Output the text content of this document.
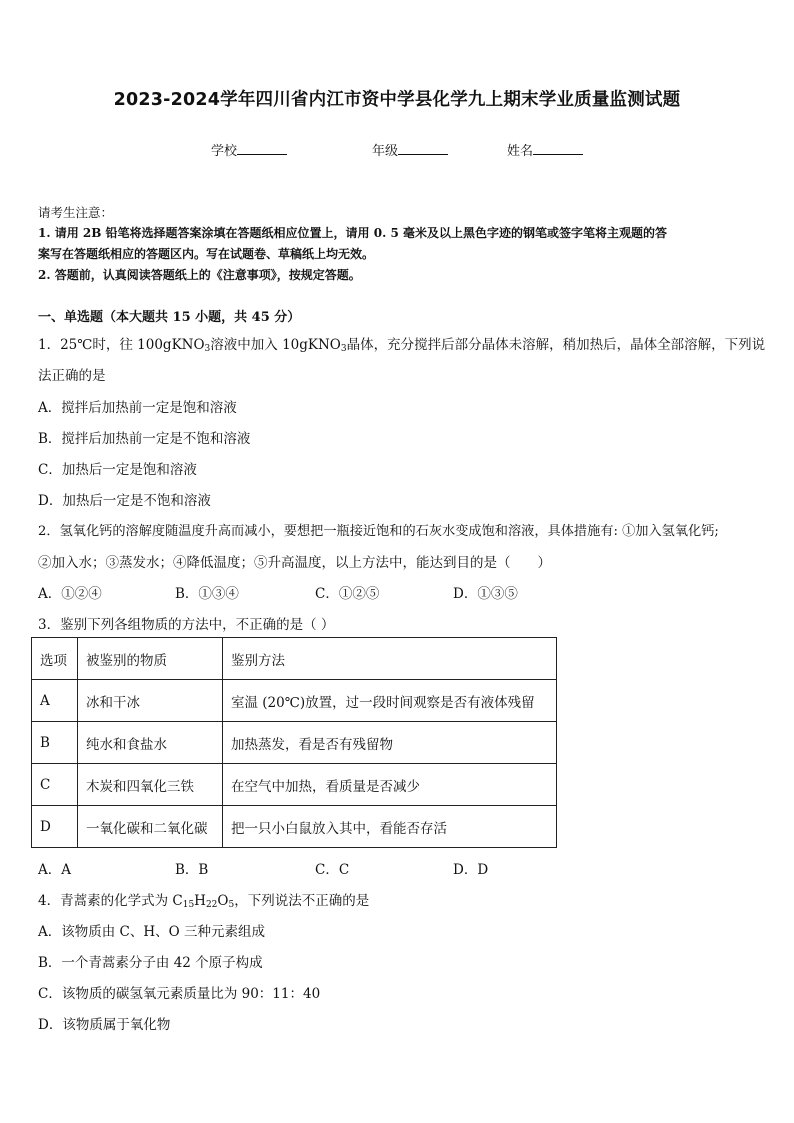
2023-2024学年四川省内江市资中学县化学九上期末学业质量监测试题
学校	年级	姓名
请考生注意：
1. 请用 2B 铅笔将选择题答案涂填在答题纸相应位置上，请用 0. 5 毫米及以上黑色字迹的钢笔或签字笔将主观题的答
案写在答题纸相应的答题区内。写在试题卷、草稿纸上均无效。
2. 答题前，认真阅读答题纸上的《注意事项》，按规定答题。
一、单选题（本大题共 15 小题，共 45 分）
1．25℃时，往 100gKNO$_3$溶液中加入 10gKNO$_3$晶体，充分搅拌后部分晶体未溶解，稍加热后，晶体全部溶解，下列说
法正确的是
A．搅拌后加热前一定是饱和溶液
B．搅拌后加热前一定是不饱和溶液
C．加热后一定是饱和溶液
D．加热后一定是不饱和溶液
2．氢氧化钙的溶解度随温度升高而减小，要想把一瓶接近饱和的石灰水变成饱和溶液，具体措施有: ①加入氢氧化钙;
②加入水；③蒸发水；④降低温度；⑤升高温度，以上方法中，能达到目的是（　　）
A．①②④	B．①③④	C．①②⑤	D．①③⑤
3．鉴别下列各组物质的方法中，不正确的是（ ）
选项	被鉴别的物质	鉴别方法
A	冰和干冰	室温 (20℃)放置，过一段时间观察是否有液体残留
B	纯水和食盐水	加热蒸发，看是否有残留物
C	木炭和四氧化三铁	在空气中加热，看质量是否减少
D	一氧化碳和二氧化碳	把一只小白鼠放入其中，看能否存活
A．A	B．B	C．C	D．D
4．青蒿素的化学式为 $C_{15}H_{22}O_5$，下列说法不正确的是
A．该物质由 C、H、O 三种元素组成
B．一个青蒿素分子由 42 个原子构成
C．该物质的碳氢氧元素质量比为 90：11：40
D．该物质属于氧化物
